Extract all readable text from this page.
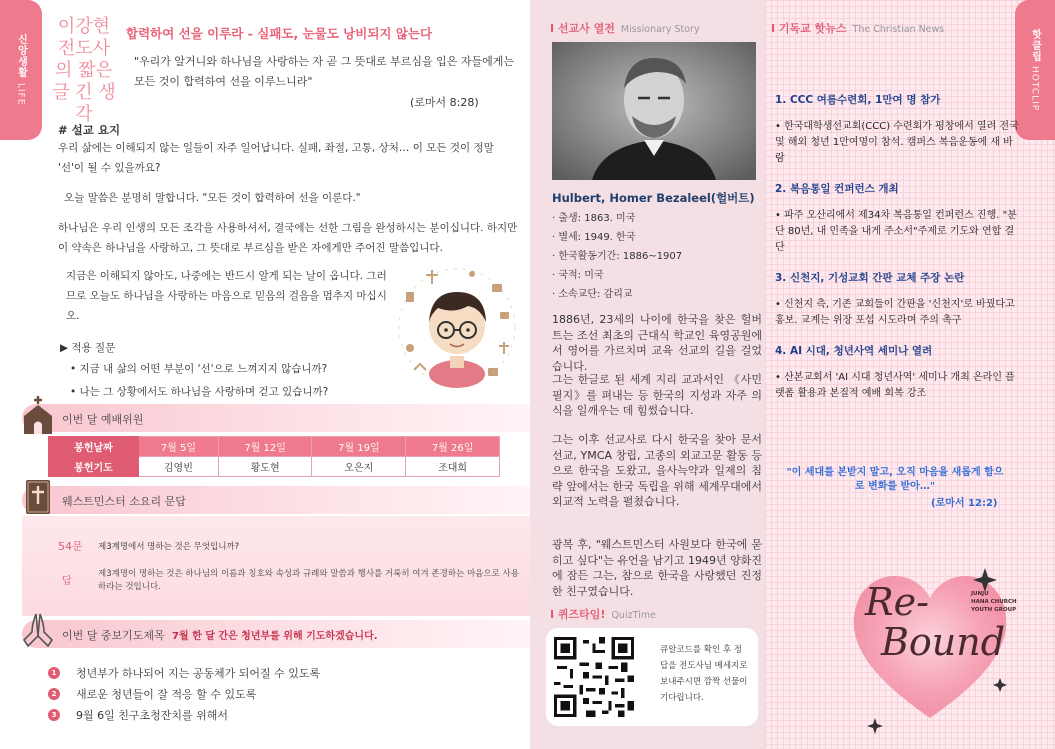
신앙생활 LIFE
이강현 전도사의 짧은 글 긴 생각
합력하여 선을 이루라 - 실패도, 눈물도 낭비되지 않는다
"우리가 알거니와 하나님을 사랑하는 자 곧 그 뜻대로 부르심을 입은 자들에게는 모든 것이 합력하여 선을 이루느니라"
(로마서 8:28)
# 설교 요지
우리 삶에는 이해되지 않는 일들이 자주 일어납니다. 실패, 좌절, 고통, 상처… 이 모든 것이 정말 '선'이 될 수 있을까요?
오늘 말씀은 분명히 말합니다. "모든 것이 합력하여 선을 이룬다."
하나님은 우리 인생의 모든 조각을 사용하셔서, 결국에는 선한 그림을 완성하시는 분이십니다. 하지만 이 약속은 하나님을 사랑하고, 그 뜻대로 부르심을 받은 자에게만 주어진 말씀입니다.
지금은 이해되지 않아도, 나중에는 반드시 알게 되는 날이 옵니다. 그러므로 오늘도 하나님을 사랑하는 마음으로 믿음의 걸음을 멈추지 마십시오.
▶ 적용 질문
• 지금 내 삶의 어떤 부분이 '선'으로 느껴지지 않습니까?
• 나는 그 상황에서도 하나님을 사랑하며 걷고 있습니까?
이번 달 예배위원
봉헌날짜	7월 5일	7월 12일	7월 19일	7월 26일
봉헌기도	김영빈	황도현	오은지	조대희
웨스트민스터 소요리 문답
54문 제3계명에서 명하는 것은 무엇입니까?
답
제3계명이 명하는 것은 하나님의 이름과 칭호와 속성과 규례와 말씀과 행사를 거룩히 여겨 존경하는 마음으로 사용하라는 것입니다.
이번 달 중보기도제목 7월 한 달 간은 청년부를 위해 기도하겠습니다.
1	청년부가 하나되어 지는 공동체가 되어질 수 있도록
2	새로운 청년들이 잘 적응 할 수 있도록
3	9월 6일 친구초청잔치를 위해서
I 선교사 열전 Missionary Story
Hulbert, Homer Bezaleel(헐버트)
· 출생: 1863. 미국
· 별세: 1949. 한국
· 한국활동기간: 1886~1907
· 국적: 미국
· 소속교단: 감리교
1886년, 23세의 나이에 한국을 찾은 헐버트는 조선 최초의 근대식 학교인 육영공원에서 영어를 가르치며 교육 선교의 길을 걸었습니다.
그는 한글로 된 세계 지리 교과서인 《사민필지》를 펴내는 등 한국의 지성과 자주 의식을 일깨우는 데 힘썼습니다.
그는 이후 선교사로 다시 한국을 찾아 문서선교, YMCA 창립, 고종의 외교고문 활동 등으로 한국을 도왔고, 을사늑약과 일제의 침략 앞에서는 한국 독립을 위해 세계무대에서 외교적 노력을 펼쳤습니다.
광복 후, "웨스트민스터 사원보다 한국에 묻히고 싶다"는 유언을 남기고 1949년 양화진에 잠든 그는, 참으로 한국을 사랑했던 진정한 친구였습니다.
I 퀴즈타임! QuizTime
큐알코드를 확인 후 정답을 전도사님 메세지로 보내주시면 깜짝 선물이 기다립니다.
I 기독교 핫뉴스 The Christian News	핫클립 HOTCLIP
1. CCC 여름수련회, 1만여 명 참가
• 한국대학생선교회(CCC) 수련회가 평창에서 열려 전국 및 해외 청년 1만여명이 참석. 캠퍼스 복음운동에 새 바람
2. 복음통일 컨퍼런스 개최
• 파주 오산리에서 제34차 복음통일 컨퍼런스 진행. "분단 80년, 내 민족을 내게 주소서"주제로 기도와 연합 결단
3. 신천지, 기성교회 간판 교체 주장 논란
• 신천지 측, 기존 교회들이 간판을 '신천지'로 바꿨다고 홍보. 교계는 위장 포섭 시도라며 주의 촉구
4. AI 시대, 청년사역 세미나 열려
• 산본교회서 'AI 시대 청년사역' 세미나 개최 온라인 플랫폼 활용과 본질적 예배 회복 강조
"이 세대를 본받지 말고, 오직 마음을 새롭게 함으로 변화를 받아…"
(로마서 12:2)
Re-
Bound
JUNJU
HANA CHURCH
YOUTH GROUP
